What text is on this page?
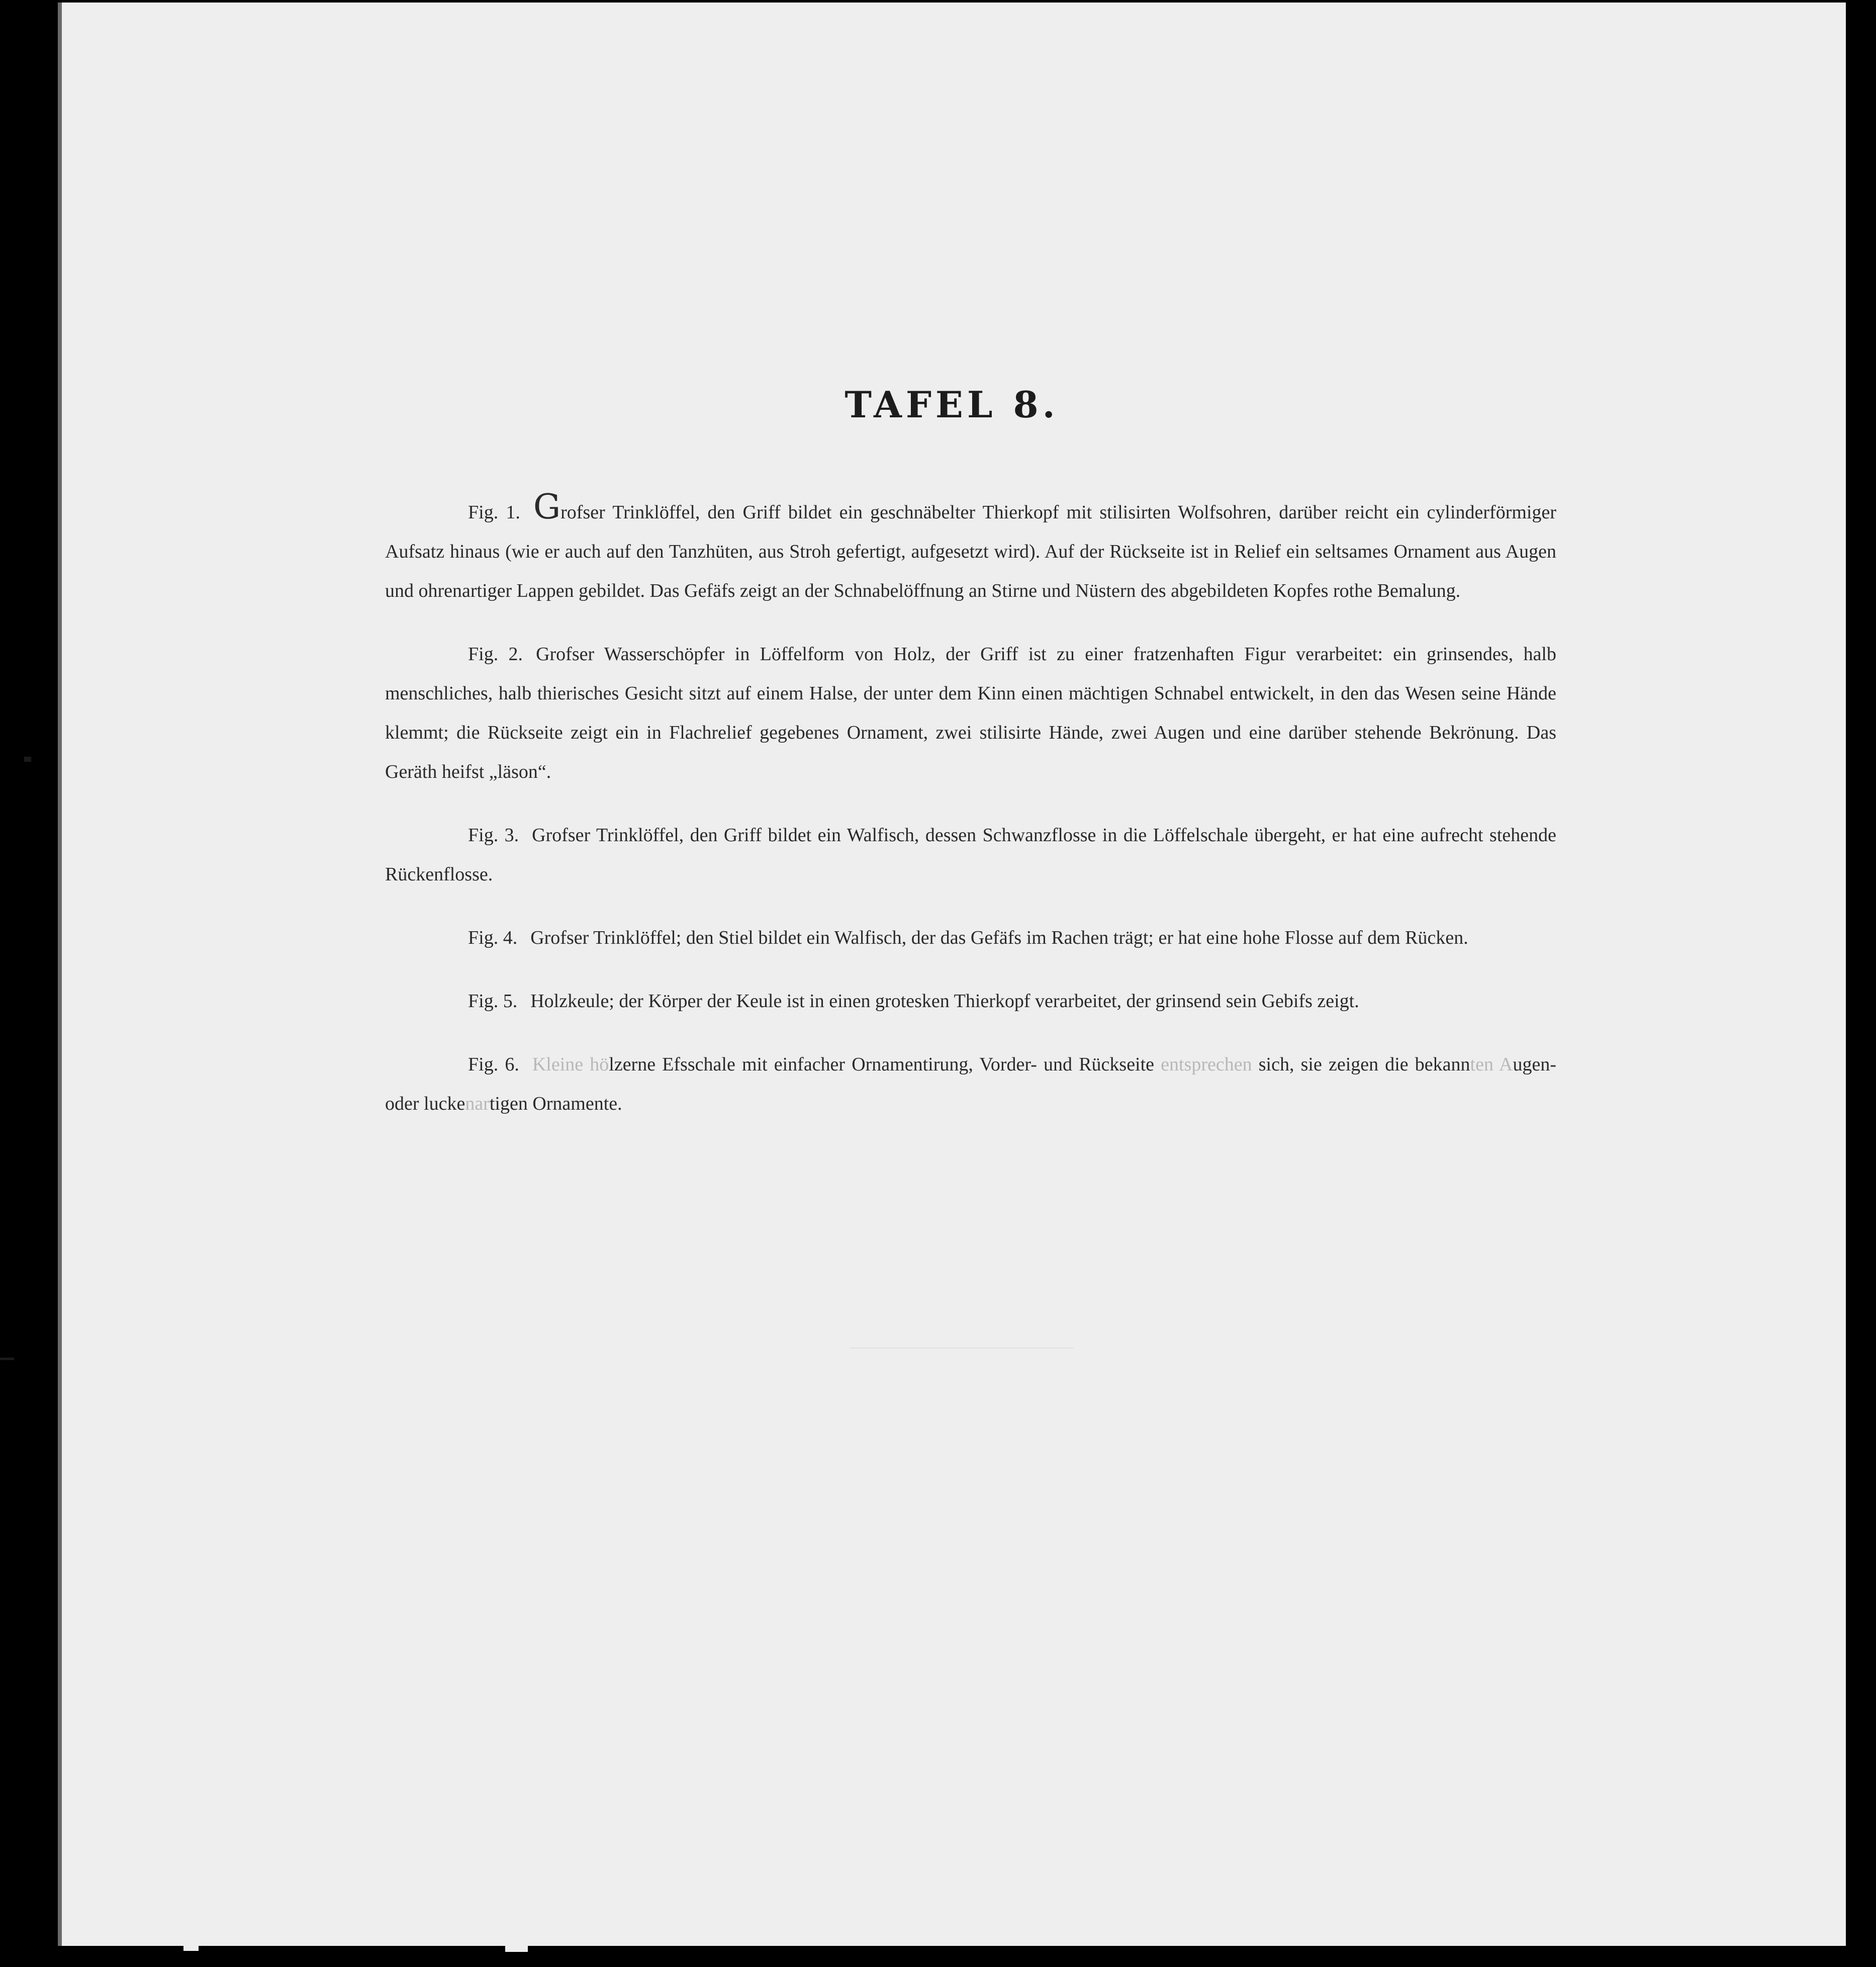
TAFEL 8.

Fig. 1. Grofser Trinklöffel, den Griff bildet ein geschnäbelter Thierkopf mit stilisirten Wolfsohren, darüber reicht ein cylinderförmiger Aufsatz hinaus (wie er auch auf den Tanzhüten, aus Stroh gefertigt, aufgesetzt wird). Auf der Rückseite ist in Relief ein seltsames Ornament aus Augen und ohrenartiger Lappen gebildet. Das Gefäfs zeigt an der Schnabelöffnung an Stirne und Nüstern des abgebildeten Kopfes rothe Bemalung.

Fig. 2. Grofser Wasserschöpfer in Löffelform von Holz, der Griff ist zu einer fratzenhaften Figur verarbeitet: ein grinsendes, halb menschliches, halb thierisches Gesicht sitzt auf einem Halse, der unter dem Kinn einen mächtigen Schnabel entwickelt, in den das Wesen seine Hände klemmt; die Rückseite zeigt ein in Flachrelief gegebenes Ornament, zwei stilisirte Hände, zwei Augen und eine darüber stehende Bekrönung. Das Geräth heifst „läson“.

Fig. 3. Grofser Trinklöffel, den Griff bildet ein Walfisch, dessen Schwanzflosse in die Löffelschale übergeht, er hat eine aufrecht stehende Rückenflosse.

Fig. 4. Grofser Trinklöffel; den Stiel bildet ein Walfisch, der das Gefäfs im Rachen trägt; er hat eine hohe Flosse auf dem Rücken.

Fig. 5. Holzkeule; der Körper der Keule ist in einen grotesken Thierkopf verarbeitet, der grinsend sein Gebifs zeigt.

Fig. 6. Kleine hölzerne Efsschale mit einfacher Ornamentirung, Vorder- und Rückseite entsprechen sich, sie zeigen die bekannten Augen- oder luckenartigen Ornamente.
